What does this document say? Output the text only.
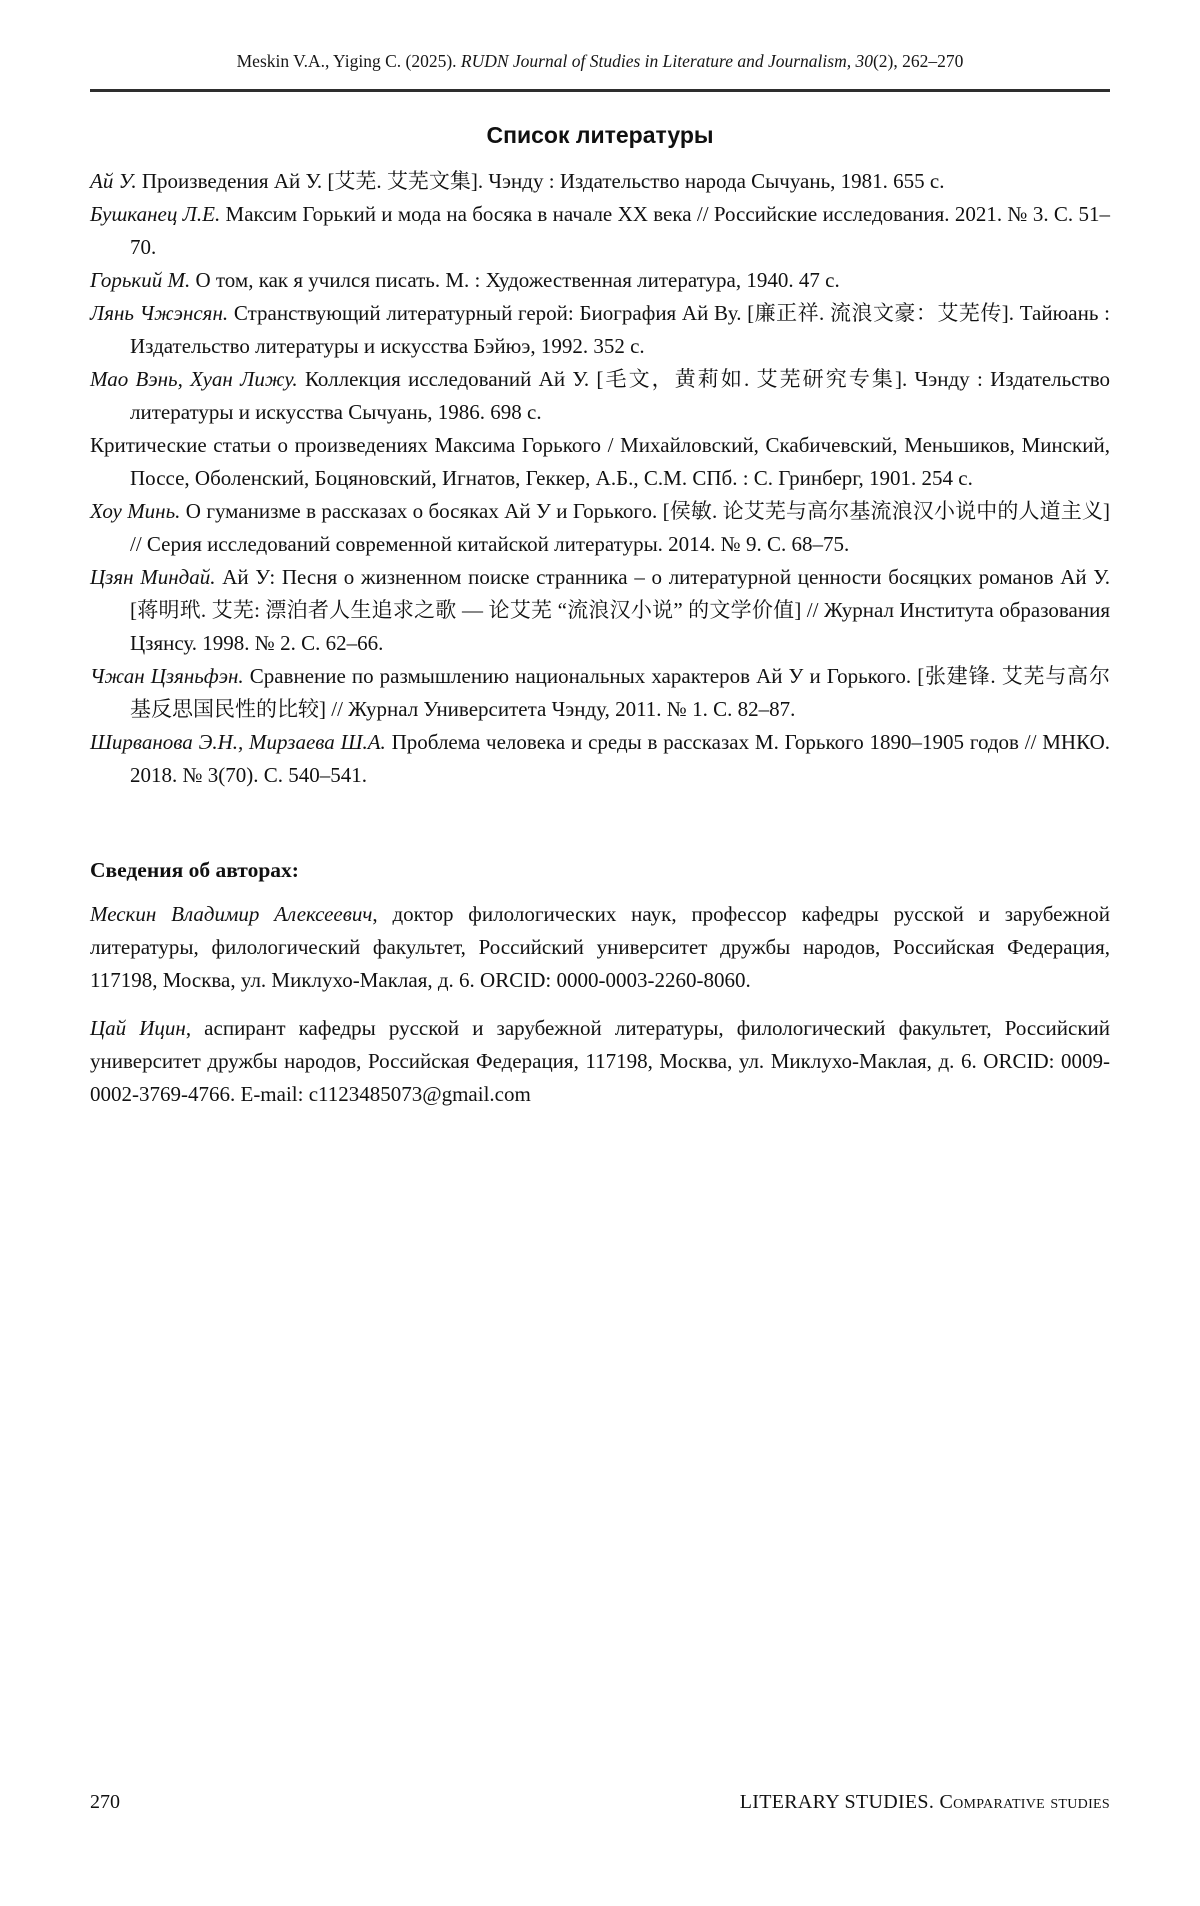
Meskin V.A., Yiging C. (2025). RUDN Journal of Studies in Literature and Journalism, 30(2), 262–270
Список литературы
Ай У. Произведения Ай У. [艾芜. 艾芜文集]. Чэнду : Издательство народа Сычуань, 1981. 655 с.
Бушканец Л.Е. Максим Горький и мода на босяка в начале XX века // Российские исследования. 2021. № 3. С. 51–70.
Горький М. О том, как я учился писать. М. : Художественная литература, 1940. 47 с.
Лянь Чжэнсян. Странствующий литературный герой: Биография Ай Ву. [廉正祥. 流浪文豪：艾芜传]. Тайюань : Издательство литературы и искусства Бэйюэ, 1992. 352 с.
Мао Вэнь, Хуан Лижу. Коллекция исследований Ай У. [毛文，黄莉如. 艾芜研究专集]. Чэнду : Издательство литературы и искусства Сычуань, 1986. 698 с.
Критические статьи о произведениях Максима Горького / Михайловский, Скабичевский, Меньшиков, Минский, Поссе, Оболенский, Боцяновский, Игнатов, Геккер, А.Б., С.М. СПб. : С. Гринберг, 1901. 254 с.
Хоу Минь. О гуманизме в рассказах о босяках Ай У и Горького. [侯敏. 论艾芜与高尔基流浪汉小说中的人道主义] // Серия исследований современной китайской литературы. 2014. № 9. С. 68–75.
Цзян Миндай. Ай У: Песня о жизненном поиске странника – о литературной ценности босяцких романов Ай У. [蒋明玳. 艾芜: 漂泊者人生追求之歌 — 论艾芜 “流浪汉小说” 的文学价值] // Журнал Института образования Цзянсу. 1998. № 2. С. 62–66.
Чжан Цзяньфэн. Сравнение по размышлению национальных характеров Ай У и Горького. [张建锋. 艾芜与高尔基反思国民性的比较] // Журнал Университета Чэнду, 2011. № 1. С. 82–87.
Ширванова Э.Н., Мирзаева Ш.А. Проблема человека и среды в рассказах М. Горького 1890–1905 годов // МНКО. 2018. № 3(70). С. 540–541.
Сведения об авторах:

Мескин Владимир Алексеевич, доктор филологических наук, профессор кафедры русской и зарубежной литературы, филологический факультет, Российский университет дружбы народов, Российская Федерация, 117198, Москва, ул. Миклухо-Маклая, д. 6. ORCID: 0000-0003-2260-8060.

Цай Ицин, аспирант кафедры русской и зарубежной литературы, филологический факультет, Российский университет дружбы народов, Российская Федерация, 117198, Москва, ул. Миклухо-Маклая, д. 6. ORCID: 0009-0002-3769-4766. E-mail: c1123485073@gmail.com

270	LITERARY STUDIES. Comparative studies
